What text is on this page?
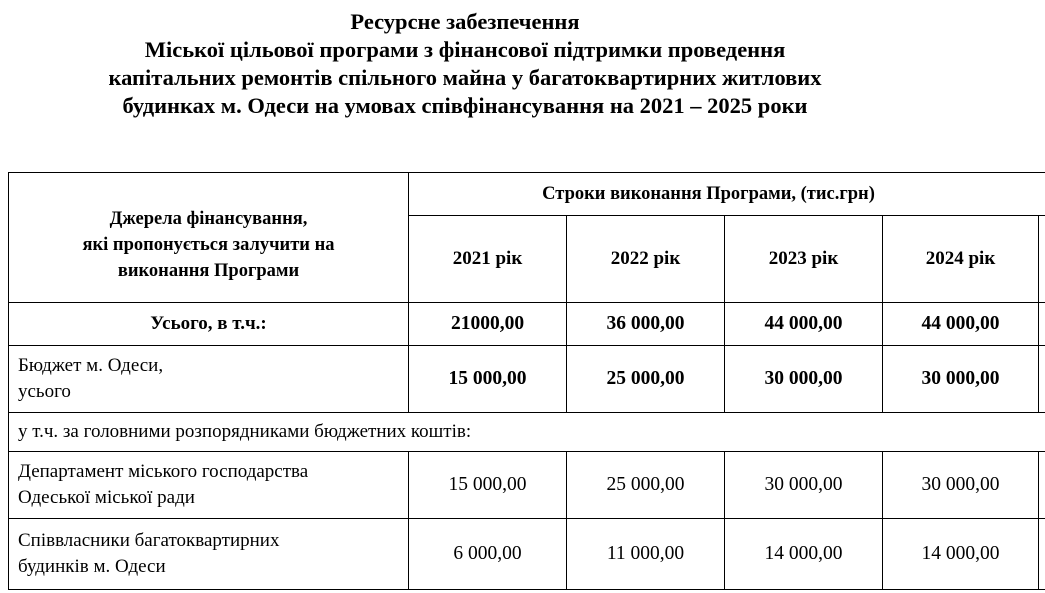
Ресурсне забезпечення
Міської цільової програми з фінансової підтримки проведення
капітальних ремонтів спільного майна у багатоквартирних житлових
будинках м. Одеси на умовах співфінансування на 2021 – 2025 роки
Джерела фінансування,
які пропонується залучити на
виконання Програми	Строки виконання Програми, (тис.грн)				
	2021 рік	2022 рік	2023 рік	2024 рік	
Усього, в т.ч.:	21000,00	36 000,00	44 000,00	44 000,00	

Бюджет м. Одеси,
усього	15 000,00	25 000,00	30 000,00	30 000,00	
у т.ч. за головними розпорядниками бюджетних коштів:					

Департамент міського господарства
Одеської міської ради	15 000,00	25 000,00	30 000,00	30 000,00	

Співвласники багатоквартирних
будинків м. Одеси	6 000,00	11 000,00	14 000,00	14 000,00	
